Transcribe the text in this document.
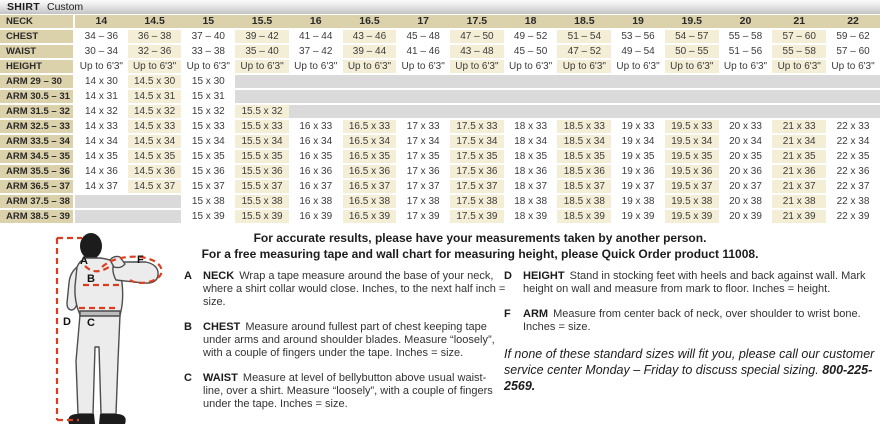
SHIRT Custom
NECK	14	14.5	15	15.5	16	16.5	17	17.5	18	18.5	19	19.5	20	21	22
CHEST	34 – 36	36 – 38	37 – 40	39 – 42	41 – 44	43 – 46	45 – 48	47 – 50	49 – 52	51 – 54	53 – 56	54 – 57	55 – 58	57 – 60	59 – 62
WAIST	30 – 34	32 – 36	33 – 38	35 – 40	37 – 42	39 – 44	41 – 46	43 – 48	45 – 50	47 – 52	49 – 54	50 – 55	51 – 56	55 – 58	57 – 60
HEIGHT	Up to 6'3"	Up to 6'3"	Up to 6'3"	Up to 6'3"	Up to 6'3"	Up to 6'3"	Up to 6'3"	Up to 6'3"	Up to 6'3"	Up to 6'3"	Up to 6'3"	Up to 6'3"	Up to 6'3"	Up to 6'3"	Up to 6'3"
ARM 29 – 30	14 x 30	14.5 x 30	15 x 30												
ARM 30.5 – 31	14 x 31	14.5 x 31	15 x 31												
ARM 31.5 – 32	14 x 32	14.5 x 32	15 x 32	15.5 x 32											
ARM 32.5 – 33	14 x 33	14.5 x 33	15 x 33	15.5 x 33	16 x 33	16.5 x 33	17 x 33	17.5 x 33	18 x 33	18.5 x 33	19 x 33	19.5 x 33	20 x 33	21 x 33	22 x 33
ARM 33.5 – 34	14 x 34	14.5 x 34	15 x 34	15.5 x 34	16 x 34	16.5 x 34	17 x 34	17.5 x 34	18 x 34	18.5 x 34	19 x 34	19.5 x 34	20 x 34	21 x 34	22 x 34
ARM 34.5 – 35	14 x 35	14.5 x 35	15 x 35	15.5 x 35	16 x 35	16.5 x 35	17 x 35	17.5 x 35	18 x 35	18.5 x 35	19 x 35	19.5 x 35	20 x 35	21 x 35	22 x 35
ARM 35.5 – 36	14 x 36	14.5 x 36	15 x 36	15.5 x 36	16 x 36	16.5 x 36	17 x 36	17.5 x 36	18 x 36	18.5 x 36	19 x 36	19.5 x 36	20 x 36	21 x 36	22 x 36
ARM 36.5 – 37	14 x 37	14.5 x 37	15 x 37	15.5 x 37	16 x 37	16.5 x 37	17 x 37	17.5 x 37	18 x 37	18.5 x 37	19 x 37	19.5 x 37	20 x 37	21 x 37	22 x 37
ARM 37.5 – 38			15 x 38	15.5 x 38	16 x 38	16.5 x 38	17 x 38	17.5 x 38	18 x 38	18.5 x 38	19 x 38	19.5 x 38	20 x 38	21 x 38	22 x 38
ARM 38.5 – 39			15 x 39	15.5 x 39	16 x 39	16.5 x 39	17 x 39	17.5 x 39	18 x 39	18.5 x 39	19 x 39	19.5 x 39	20 x 39	21 x 39	22 x 39
For accurate results, please have your measurements taken by another person.
For a free measuring tape and wall chart for measuring height, please Quick Order product 11008.
A
B
C
D
F
A	NECK Wrap a tape measure around the base of your neck, where a shirt collar would close. Inches, to the next half inch = size.

B	CHEST Measure around fullest part of chest keeping tape under arms and around shoulder blades. Measure “loosely”, with a couple of fingers under the tape. Inches = size.

C	WAIST Measure at level of bellybutton above usual waist-line, over a shirt. Measure “loosely”, with a couple of fingers under the tape. Inches = size.

D	HEIGHT Stand in stocking feet with heels and back against wall. Mark height on wall and measure from mark to floor. Inches = height.

F	ARM Measure from center back of neck, over shoulder to wrist bone. Inches = size.

If none of these standard sizes will fit you, please call our customer service center Monday – Friday to discuss special sizing. 800-225-2569.
